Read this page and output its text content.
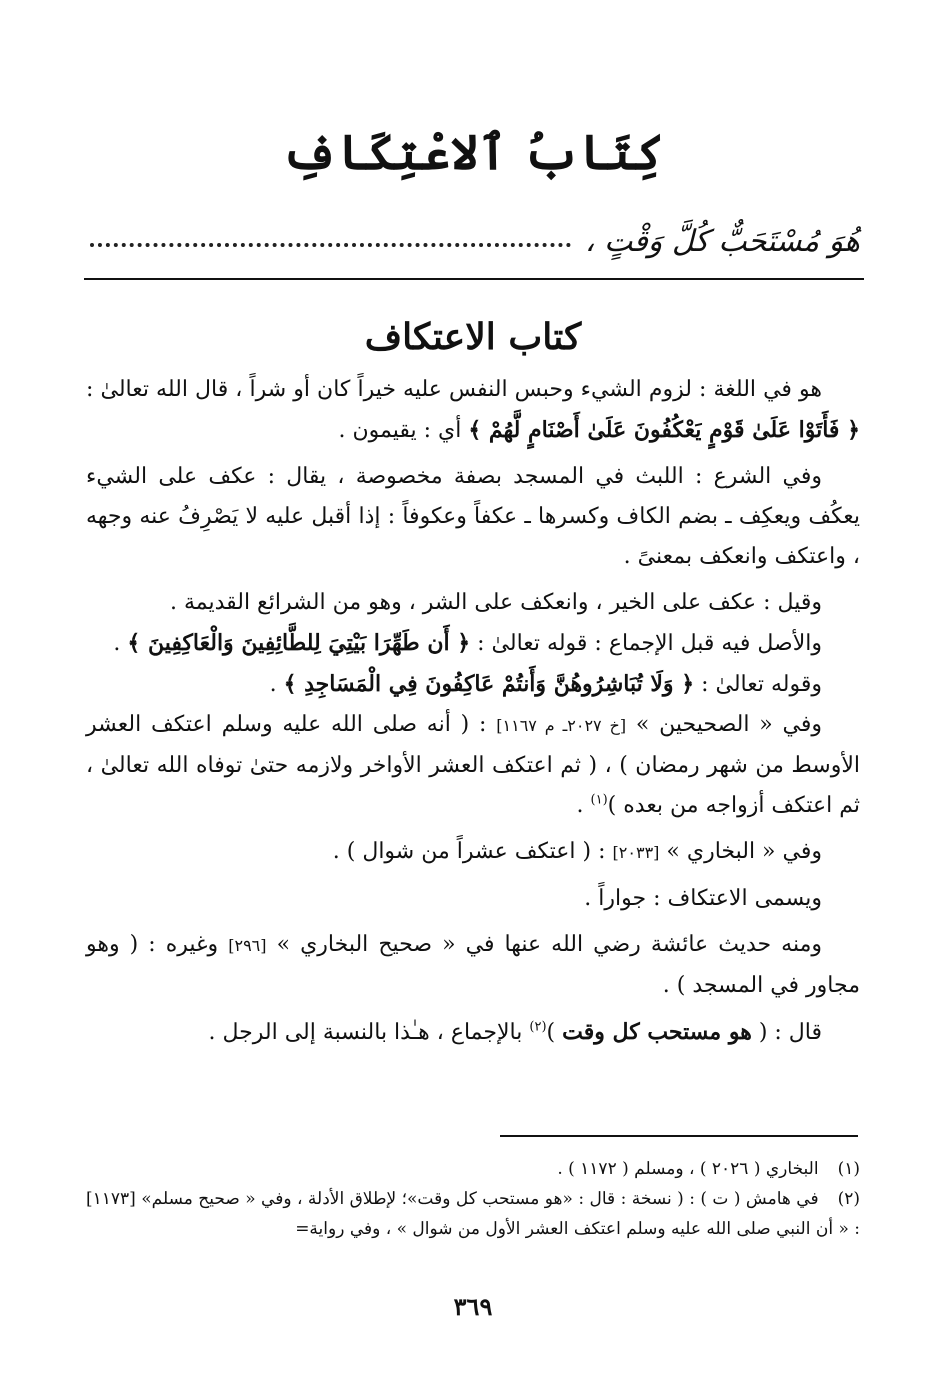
كِتَابُ ٱلاعْتِكَافِ
هُوَ مُسْتَحَبٌّ كُلَّ وَقْتٍ ،
كتاب الاعتكاف

هو في اللغة : لزوم الشيء وحبس النفس عليه خيراً كان أو شراً ، قال الله تعالىٰ : ﴿ فَأَتَوْا عَلَىٰ قَوْمٍ يَعْكُفُونَ عَلَىٰ أَصْنَامٍ لَّهُمْ ﴾ أي : يقيمون .

وفي الشرع : اللبث في المسجد بصفة مخصوصة ، يقال : عكف على الشيء يعكُف ويعكِف ـ بضم الكاف وكسرها ـ عكفاً وعكوفاً : إذا أقبل عليه لا يَصْرِفُ عنه وجهه ، واعتكف وانعكف بمعنىً .

وقيل : عكف على الخير ، وانعكف على الشر ، وهو من الشرائع القديمة .

والأصل فيه قبل الإجماع : قوله تعالىٰ : ﴿ أَن طَهِّرَا بَيْتِيَ لِلطَّائِفِينَ وَالْعَاكِفِينَ ﴾ .

وقوله تعالىٰ : ﴿ وَلَا تُبَاشِرُوهُنَّ وَأَنتُمْ عَاكِفُونَ فِي الْمَسَاجِدِ ﴾ .

وفي « الصحيحين » [خ ٢٠٢٧ـ م ١١٦٧] : ( أنه صلى الله عليه وسلم اعتكف العشر الأوسط من شهر رمضان ) ، ( ثم اعتكف العشر الأواخر ولازمه حتىٰ توفاه الله تعالىٰ ، ثم اعتكف أزواجه من بعده )$^{(١)}$ .

وفي « البخاري » [٢٠٣٣] : ( اعتكف عشراً من شوال ) .

ويسمى الاعتكاف : جواراً .

ومنه حديث عائشة رضي الله عنها في « صحيح البخاري » [٢٩٦] وغيره : ( وهو مجاور في المسجد ) .

قال : ( هو مستحب كل وقت )$^{(٢)}$ بالإجماع ، هـٰذا بالنسبة إلى الرجل .

(١) البخاري ( ٢٠٢٦ ) ، ومسلم ( ١١٧٢ ) .

(٢) في هامش ( ت ) : ( نسخة : قال : «هو مستحب كل وقت»؛ لإطلاق الأدلة ، وفي « صحيح مسلم» [١١٧٣] : « أن النبي صلى الله عليه وسلم اعتكف العشر الأول من شوال » ، وفي رواية=

٣٦٩
